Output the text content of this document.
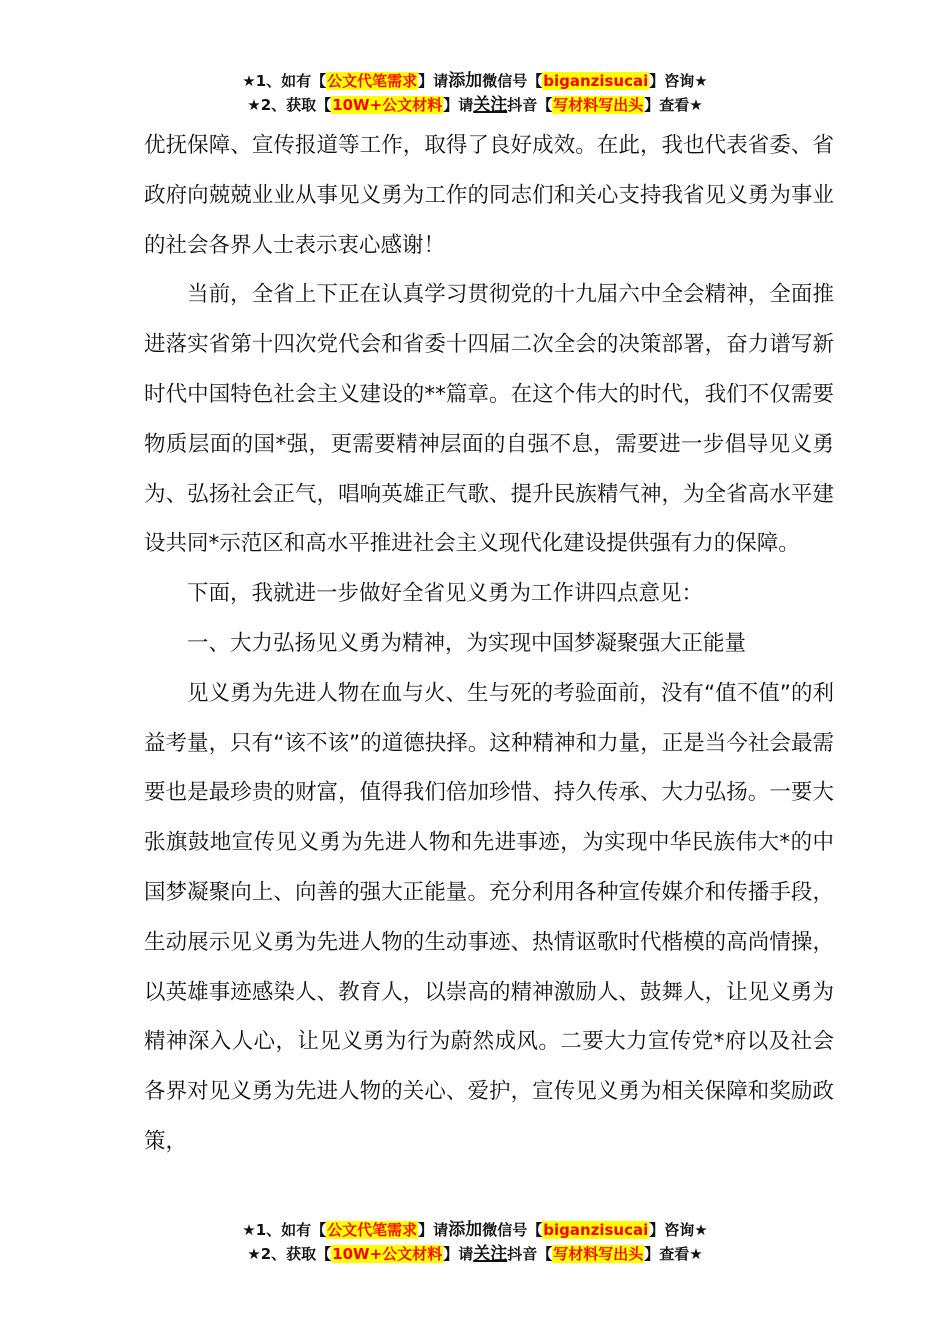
★1、如有【公文代笔需求】请添加微信号【biganzisucai】咨询★
★2、获取【10W+公文材料】请关注抖音【写材料写出头】查看★

优抚保障、宣传报道等工作，取得了良好成效。在此，我也代表省委、省政府向兢兢业业从事见义勇为工作的同志们和关心支持我省见义勇为事业的社会各界人士表示衷心感谢！

当前，全省上下正在认真学习贯彻党的十九届六中全会精神，全面推进落实省第十四次党代会和省委十四届二次全会的决策部署，奋力谱写新时代中国特色社会主义建设的**篇章。在这个伟大的时代，我们不仅需要物质层面的国*强，更需要精神层面的自强不息，需要进一步倡导见义勇为、弘扬社会正气，唱响英雄正气歌、提升民族精气神，为全省高水平建设共同*示范区和高水平推进社会主义现代化建设提供强有力的保障。

下面，我就进一步做好全省见义勇为工作讲四点意见：

一、大力弘扬见义勇为精神，为实现中国梦凝聚强大正能量

见义勇为先进人物在血与火、生与死的考验面前，没有“值不值”的利益考量，只有“该不该”的道德抉择。这种精神和力量，正是当今社会最需要也是最珍贵的财富，值得我们倍加珍惜、持久传承、大力弘扬。一要大张旗鼓地宣传见义勇为先进人物和先进事迹，为实现中华民族伟大*的中国梦凝聚向上、向善的强大正能量。充分利用各种宣传媒介和传播手段，生动展示见义勇为先进人物的生动事迹、热情讴歌时代楷模的高尚情操，以英雄事迹感染人、教育人，以崇高的精神激励人、鼓舞人，让见义勇为精神深入人心，让见义勇为行为蔚然成风。二要大力宣传党*府以及社会各界对见义勇为先进人物的关心、爱护，宣传见义勇为相关保障和奖励政策，

★1、如有【公文代笔需求】请添加微信号【biganzisucai】咨询★
★2、获取【10W+公文材料】请关注抖音【写材料写出头】查看★
